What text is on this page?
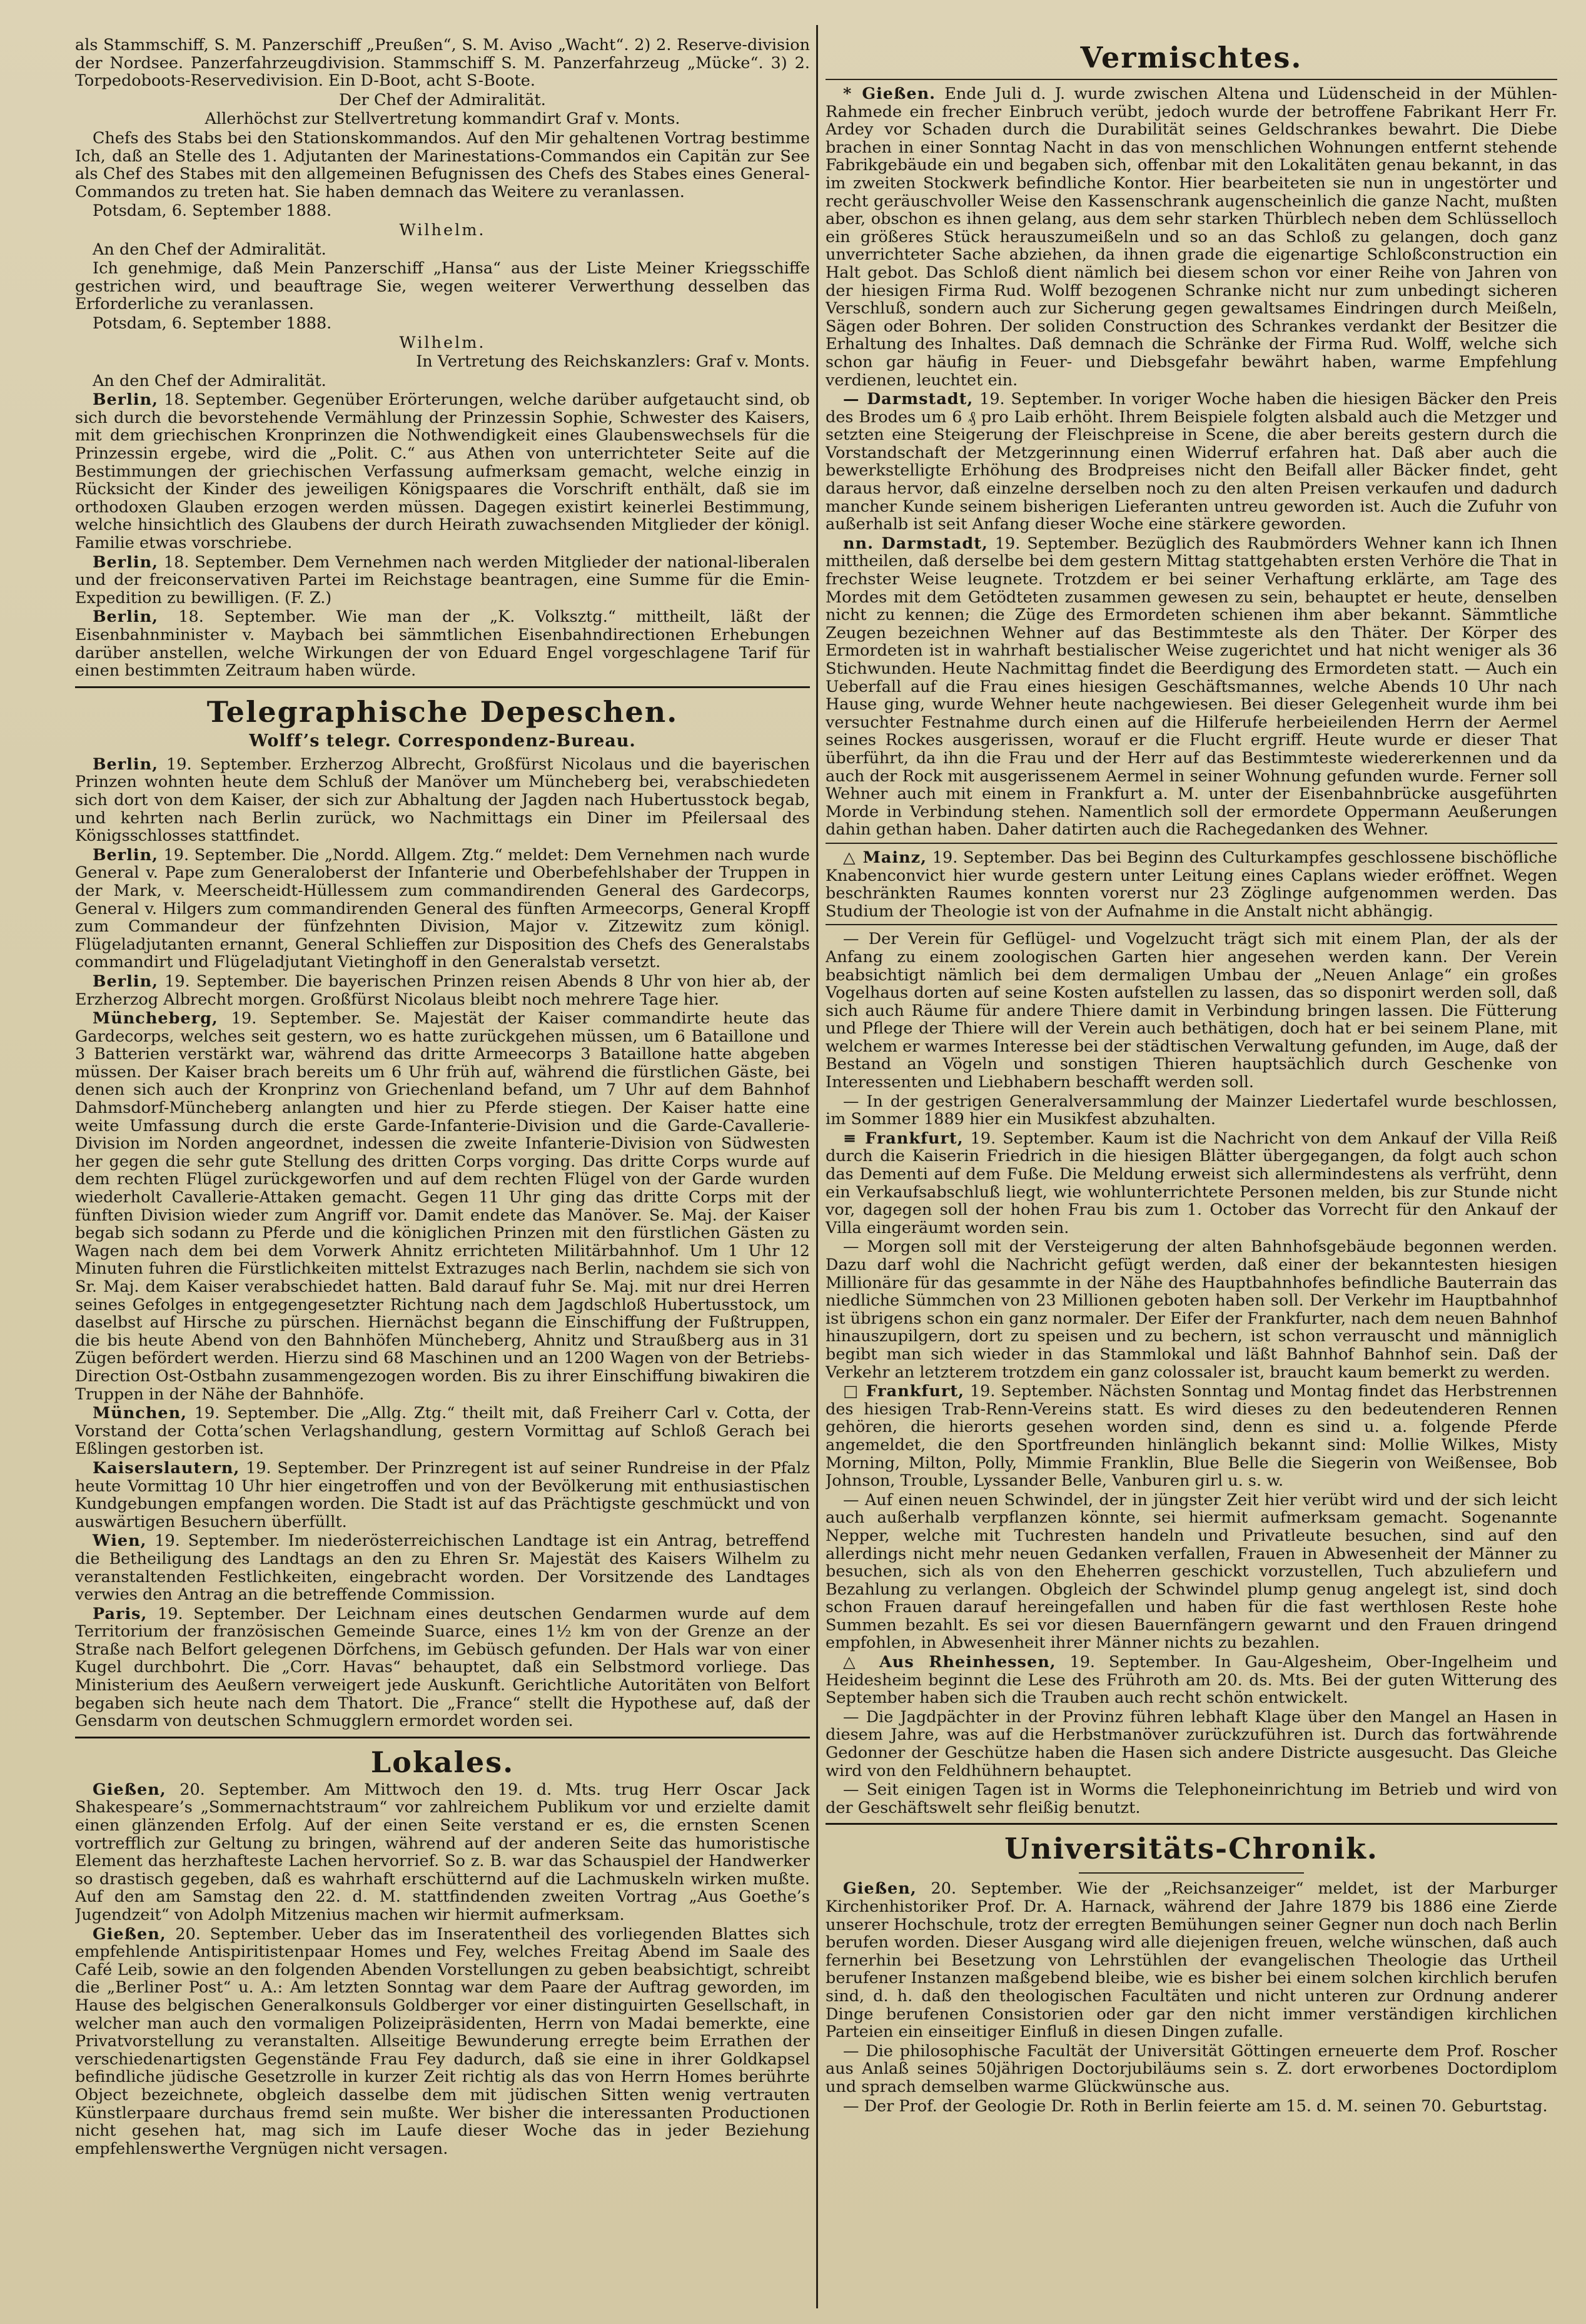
als Stammschiff, S. M. Panzerschiff „Preußen“, S. M. Aviso „Wacht“. 2) 2. Reserve-division der Nordsee. Panzerfahrzeugdivision. Stammschiff S. M. Panzerfahrzeug „Mücke“. 3) 2. Torpedoboots-Reservedivision. Ein D-Boot, acht S-Boote.

Der Chef der Admiralität.

Allerhöchst zur Stellvertretung kommandirt Graf v. Monts.

Chefs des Stabs bei den Stationskommandos. Auf den Mir gehaltenen Vortrag bestimme Ich, daß an Stelle des 1. Adjutanten der Marinestations-Commandos ein Capitän zur See als Chef des Stabes mit den allgemeinen Befugnissen des Chefs des Stabes eines General-Commandos zu treten hat. Sie haben demnach das Weitere zu veranlassen.

Potsdam, 6. September 1888.

Wilhelm.

An den Chef der Admiralität.

Ich genehmige, daß Mein Panzerschiff „Hansa“ aus der Liste Meiner Kriegsschiffe gestrichen wird, und beauftrage Sie, wegen weiterer Verwerthung desselben das Erforderliche zu veranlassen.

Potsdam, 6. September 1888.

Wilhelm.

In Vertretung des Reichskanzlers: Graf v. Monts.

An den Chef der Admiralität.

Berlin, 18. September. Gegenüber Erörterungen, welche darüber aufgetaucht sind, ob sich durch die bevorstehende Vermählung der Prinzessin Sophie, Schwester des Kaisers, mit dem griechischen Kronprinzen die Nothwendigkeit eines Glaubenswechsels für die Prinzessin ergebe, wird die „Polit. C.“ aus Athen von unterrichteter Seite auf die Bestimmungen der griechischen Verfassung aufmerksam gemacht, welche einzig in Rücksicht der Kinder des jeweiligen Königspaares die Vorschrift enthält, daß sie im orthodoxen Glauben erzogen werden müssen. Dagegen existirt keinerlei Bestimmung, welche hinsichtlich des Glaubens der durch Heirath zuwachsenden Mitglieder der königl. Familie etwas vorschriebe.

Berlin, 18. September. Dem Vernehmen nach werden Mitglieder der national-liberalen und der freiconservativen Partei im Reichstage beantragen, eine Summe für die Emin-Expedition zu bewilligen. (F. Z.)

Berlin, 18. September. Wie man der „K. Volksztg.“ mittheilt, läßt der Eisenbahnminister v. Maybach bei sämmtlichen Eisenbahndirectionen Erhebungen darüber anstellen, welche Wirkungen der von Eduard Engel vorgeschlagene Tarif für einen bestimmten Zeitraum haben würde.

Telegraphische Depeschen.
Wolff’s telegr. Correspondenz-Bureau.

Berlin, 19. September. Erzherzog Albrecht, Großfürst Nicolaus und die bayerischen Prinzen wohnten heute dem Schluß der Manöver um Müncheberg bei, verabschiedeten sich dort von dem Kaiser, der sich zur Abhaltung der Jagden nach Hubertusstock begab, und kehrten nach Berlin zurück, wo Nachmittags ein Diner im Pfeilersaal des Königsschlosses stattfindet.

Berlin, 19. September. Die „Nordd. Allgem. Ztg.“ meldet: Dem Vernehmen nach wurde General v. Pape zum Generaloberst der Infanterie und Oberbefehlshaber der Truppen in der Mark, v. Meerscheidt-Hüllessem zum commandirenden General des Gardecorps, General v. Hilgers zum commandirenden General des fünften Armeecorps, General Kropff zum Commandeur der fünfzehnten Division, Major v. Zitzewitz zum königl. Flügeladjutanten ernannt, General Schlieffen zur Disposition des Chefs des Generalstabs commandirt und Flügeladjutant Vietinghoff in den Generalstab versetzt.

Berlin, 19. September. Die bayerischen Prinzen reisen Abends 8 Uhr von hier ab, der Erzherzog Albrecht morgen. Großfürst Nicolaus bleibt noch mehrere Tage hier.

Müncheberg, 19. September. Se. Majestät der Kaiser commandirte heute das Gardecorps, welches seit gestern, wo es hatte zurückgehen müssen, um 6 Bataillone und 3 Batterien verstärkt war, während das dritte Armeecorps 3 Bataillone hatte abgeben müssen. Der Kaiser brach bereits um 6 Uhr früh auf, während die fürstlichen Gäste, bei denen sich auch der Kronprinz von Griechenland befand, um 7 Uhr auf dem Bahnhof Dahmsdorf-Müncheberg anlangten und hier zu Pferde stiegen. Der Kaiser hatte eine weite Umfassung durch die erste Garde-Infanterie-Division und die Garde-Cavallerie-Division im Norden angeordnet, indessen die zweite Infanterie-Division von Südwesten her gegen die sehr gute Stellung des dritten Corps vorging. Das dritte Corps wurde auf dem rechten Flügel zurückgeworfen und auf dem rechten Flügel von der Garde wurden wiederholt Cavallerie-Attaken gemacht. Gegen 11 Uhr ging das dritte Corps mit der fünften Division wieder zum Angriff vor. Damit endete das Manöver. Se. Maj. der Kaiser begab sich sodann zu Pferde und die königlichen Prinzen mit den fürstlichen Gästen zu Wagen nach dem bei dem Vorwerk Ahnitz errichteten Militärbahnhof. Um 1 Uhr 12 Minuten fuhren die Fürstlichkeiten mittelst Extrazuges nach Berlin, nachdem sie sich von Sr. Maj. dem Kaiser verabschiedet hatten. Bald darauf fuhr Se. Maj. mit nur drei Herren seines Gefolges in entgegengesetzter Richtung nach dem Jagdschloß Hubertusstock, um daselbst auf Hirsche zu pürschen. Hiernächst begann die Einschiffung der Fußtruppen, die bis heute Abend von den Bahnhöfen Müncheberg, Ahnitz und Straußberg aus in 31 Zügen befördert werden. Hierzu sind 68 Maschinen und an 1200 Wagen von der Betriebs-Direction Ost-Ostbahn zusammengezogen worden. Bis zu ihrer Einschiffung biwakiren die Truppen in der Nähe der Bahnhöfe.

München, 19. September. Die „Allg. Ztg.“ theilt mit, daß Freiherr Carl v. Cotta, der Vorstand der Cotta’schen Verlagshandlung, gestern Vormittag auf Schloß Gerach bei Eßlingen gestorben ist.

Kaiserslautern, 19. September. Der Prinzregent ist auf seiner Rundreise in der Pfalz heute Vormittag 10 Uhr hier eingetroffen und von der Bevölkerung mit enthusiastischen Kundgebungen empfangen worden. Die Stadt ist auf das Prächtigste geschmückt und von auswärtigen Besuchern überfüllt.

Wien, 19. September. Im niederösterreichischen Landtage ist ein Antrag, betreffend die Betheiligung des Landtags an den zu Ehren Sr. Majestät des Kaisers Wilhelm zu veranstaltenden Festlichkeiten, eingebracht worden. Der Vorsitzende des Landtages verwies den Antrag an die betreffende Commission.

Paris, 19. September. Der Leichnam eines deutschen Gendarmen wurde auf dem Territorium der französischen Gemeinde Suarce, eines 1½ km von der Grenze an der Straße nach Belfort gelegenen Dörfchens, im Gebüsch gefunden. Der Hals war von einer Kugel durchbohrt. Die „Corr. Havas“ behauptet, daß ein Selbstmord vorliege. Das Ministerium des Aeußern verweigert jede Auskunft. Gerichtliche Autoritäten von Belfort begaben sich heute nach dem Thatort. Die „France“ stellt die Hypothese auf, daß der Gensdarm von deutschen Schmugglern ermordet worden sei.

Lokales.

Gießen, 20. September. Am Mittwoch den 19. d. Mts. trug Herr Oscar Jack Shakespeare’s „Sommernachtstraum“ vor zahlreichem Publikum vor und erzielte damit einen glänzenden Erfolg. Auf der einen Seite verstand er es, die ernsten Scenen vortrefflich zur Geltung zu bringen, während auf der anderen Seite das humoristische Element das herzhafteste Lachen hervorrief. So z. B. war das Schauspiel der Handwerker so drastisch gegeben, daß es wahrhaft erschütternd auf die Lachmuskeln wirken mußte. Auf den am Samstag den 22. d. M. stattfindenden zweiten Vortrag „Aus Goethe’s Jugendzeit“ von Adolph Mitzenius machen wir hiermit aufmerksam.

Gießen, 20. September. Ueber das im Inseratentheil des vorliegenden Blattes sich empfehlende Antispiritistenpaar Homes und Fey, welches Freitag Abend im Saale des Café Leib, sowie an den folgenden Abenden Vorstellungen zu geben beabsichtigt, schreibt die „Berliner Post“ u. A.: Am letzten Sonntag war dem Paare der Auftrag geworden, im Hause des belgischen Generalkonsuls Goldberger vor einer distinguirten Gesellschaft, in welcher man auch den vormaligen Polizeipräsidenten, Herrn von Madai bemerkte, eine Privatvorstellung zu veranstalten. Allseitige Bewunderung erregte beim Errathen der verschiedenartigsten Gegenstände Frau Fey dadurch, daß sie eine in ihrer Goldkapsel befindliche jüdische Gesetzrolle in kurzer Zeit richtig als das von Herrn Homes berührte Object bezeichnete, obgleich dasselbe dem mit jüdischen Sitten wenig vertrauten Künstlerpaare durchaus fremd sein mußte. Wer bisher die interessanten Productionen nicht gesehen hat, mag sich im Laufe dieser Woche das in jeder Beziehung empfehlenswerthe Vergnügen nicht versagen.

Vermischtes.

* Gießen. Ende Juli d. J. wurde zwischen Altena und Lüdenscheid in der Mühlen-Rahmede ein frecher Einbruch verübt, jedoch wurde der betroffene Fabrikant Herr Fr. Ardey vor Schaden durch die Durabilität seines Geldschrankes bewahrt. Die Diebe brachen in einer Sonntag Nacht in das von menschlichen Wohnungen entfernt stehende Fabrikgebäude ein und begaben sich, offenbar mit den Lokalitäten genau bekannt, in das im zweiten Stockwerk befindliche Kontor. Hier bearbeiteten sie nun in ungestörter und recht geräuschvoller Weise den Kassenschrank augenscheinlich die ganze Nacht, mußten aber, obschon es ihnen gelang, aus dem sehr starken Thürblech neben dem Schlüsselloch ein größeres Stück herauszumeißeln und so an das Schloß zu gelangen, doch ganz unverrichteter Sache abziehen, da ihnen grade die eigenartige Schloßconstruction ein Halt gebot. Das Schloß dient nämlich bei diesem schon vor einer Reihe von Jahren von der hiesigen Firma Rud. Wolff bezogenen Schranke nicht nur zum unbedingt sicheren Verschluß, sondern auch zur Sicherung gegen gewaltsames Eindringen durch Meißeln, Sägen oder Bohren. Der soliden Construction des Schrankes verdankt der Besitzer die Erhaltung des Inhaltes. Daß demnach die Schränke der Firma Rud. Wolff, welche sich schon gar häufig in Feuer- und Diebsgefahr bewährt haben, warme Empfehlung verdienen, leuchtet ein.

— Darmstadt, 19. September. In voriger Woche haben die hiesigen Bäcker den Preis des Brodes um 6 ₰ pro Laib erhöht. Ihrem Beispiele folgten alsbald auch die Metzger und setzten eine Steigerung der Fleischpreise in Scene, die aber bereits gestern durch die Vorstandschaft der Metzgerinnung einen Widerruf erfahren hat. Daß aber auch die bewerkstelligte Erhöhung des Brodpreises nicht den Beifall aller Bäcker findet, geht daraus hervor, daß einzelne derselben noch zu den alten Preisen verkaufen und dadurch mancher Kunde seinem bisherigen Lieferanten untreu geworden ist. Auch die Zufuhr von außerhalb ist seit Anfang dieser Woche eine stärkere geworden.

nn. Darmstadt, 19. September. Bezüglich des Raubmörders Wehner kann ich Ihnen mittheilen, daß derselbe bei dem gestern Mittag stattgehabten ersten Verhöre die That in frechster Weise leugnete. Trotzdem er bei seiner Verhaftung erklärte, am Tage des Mordes mit dem Getödteten zusammen gewesen zu sein, behauptet er heute, denselben nicht zu kennen; die Züge des Ermordeten schienen ihm aber bekannt. Sämmtliche Zeugen bezeichnen Wehner auf das Bestimmteste als den Thäter. Der Körper des Ermordeten ist in wahrhaft bestialischer Weise zugerichtet und hat nicht weniger als 36 Stichwunden. Heute Nachmittag findet die Beerdigung des Ermordeten statt. — Auch ein Ueberfall auf die Frau eines hiesigen Geschäftsmannes, welche Abends 10 Uhr nach Hause ging, wurde Wehner heute nachgewiesen. Bei dieser Gelegenheit wurde ihm bei versuchter Festnahme durch einen auf die Hilferufe herbeieilenden Herrn der Aermel seines Rockes ausgerissen, worauf er die Flucht ergriff. Heute wurde er dieser That überführt, da ihn die Frau und der Herr auf das Bestimmteste wiedererkennen und da auch der Rock mit ausgerissenem Aermel in seiner Wohnung gefunden wurde. Ferner soll Wehner auch mit einem in Frankfurt a. M. unter der Eisenbahnbrücke ausgeführten Morde in Verbindung stehen. Namentlich soll der ermordete Oppermann Aeußerungen dahin gethan haben. Daher datirten auch die Rachegedanken des Wehner.

△ Mainz, 19. September. Das bei Beginn des Culturkampfes geschlossene bischöfliche Knabenconvict hier wurde gestern unter Leitung eines Caplans wieder eröffnet. Wegen beschränkten Raumes konnten vorerst nur 23 Zöglinge aufgenommen werden. Das Studium der Theologie ist von der Aufnahme in die Anstalt nicht abhängig.

— Der Verein für Geflügel- und Vogelzucht trägt sich mit einem Plan, der als der Anfang zu einem zoologischen Garten hier angesehen werden kann. Der Verein beabsichtigt nämlich bei dem dermaligen Umbau der „Neuen Anlage“ ein großes Vogelhaus dorten auf seine Kosten aufstellen zu lassen, das so disponirt werden soll, daß sich auch Räume für andere Thiere damit in Verbindung bringen lassen. Die Fütterung und Pflege der Thiere will der Verein auch bethätigen, doch hat er bei seinem Plane, mit welchem er warmes Interesse bei der städtischen Verwaltung gefunden, im Auge, daß der Bestand an Vögeln und sonstigen Thieren hauptsächlich durch Geschenke von Interessenten und Liebhabern beschafft werden soll.

— In der gestrigen Generalversammlung der Mainzer Liedertafel wurde beschlossen, im Sommer 1889 hier ein Musikfest abzuhalten.

≡ Frankfurt, 19. September. Kaum ist die Nachricht von dem Ankauf der Villa Reiß durch die Kaiserin Friedrich in die hiesigen Blätter übergegangen, da folgt auch schon das Dementi auf dem Fuße. Die Meldung erweist sich allermindestens als verfrüht, denn ein Verkaufsabschluß liegt, wie wohlunterrichtete Personen melden, bis zur Stunde nicht vor, dagegen soll der hohen Frau bis zum 1. October das Vorrecht für den Ankauf der Villa eingeräumt worden sein.

— Morgen soll mit der Versteigerung der alten Bahnhofsgebäude begonnen werden. Dazu darf wohl die Nachricht gefügt werden, daß einer der bekanntesten hiesigen Millionäre für das gesammte in der Nähe des Hauptbahnhofes befindliche Bauterrain das niedliche Sümmchen von 23 Millionen geboten haben soll. Der Verkehr im Hauptbahnhof ist übrigens schon ein ganz normaler. Der Eifer der Frankfurter, nach dem neuen Bahnhof hinauszupilgern, dort zu speisen und zu bechern, ist schon verrauscht und männiglich begibt man sich wieder in das Stammlokal und läßt Bahnhof Bahnhof sein. Daß der Verkehr an letzterem trotzdem ein ganz colossaler ist, braucht kaum bemerkt zu werden.

□ Frankfurt, 19. September. Nächsten Sonntag und Montag findet das Herbstrennen des hiesigen Trab-Renn-Vereins statt. Es wird dieses zu den bedeutenderen Rennen gehören, die hierorts gesehen worden sind, denn es sind u. a. folgende Pferde angemeldet, die den Sportfreunden hinlänglich bekannt sind: Mollie Wilkes, Misty Morning, Milton, Polly, Mimmie Franklin, Blue Belle die Siegerin von Weißensee, Bob Johnson, Trouble, Lyssander Belle, Vanburen girl u. s. w.

— Auf einen neuen Schwindel, der in jüngster Zeit hier verübt wird und der sich leicht auch außerhalb verpflanzen könnte, sei hiermit aufmerksam gemacht. Sogenannte Nepper, welche mit Tuchresten handeln und Privatleute besuchen, sind auf den allerdings nicht mehr neuen Gedanken verfallen, Frauen in Abwesenheit der Männer zu besuchen, sich als von den Eheherren geschickt vorzustellen, Tuch abzuliefern und Bezahlung zu verlangen. Obgleich der Schwindel plump genug angelegt ist, sind doch schon Frauen darauf hereingefallen und haben für die fast werthlosen Reste hohe Summen bezahlt. Es sei vor diesen Bauernfängern gewarnt und den Frauen dringend empfohlen, in Abwesenheit ihrer Männer nichts zu bezahlen.

△ Aus Rheinhessen, 19. September. In Gau-Algesheim, Ober-Ingelheim und Heidesheim beginnt die Lese des Frühroth am 20. ds. Mts. Bei der guten Witterung des September haben sich die Trauben auch recht schön entwickelt.

— Die Jagdpächter in der Provinz führen lebhaft Klage über den Mangel an Hasen in diesem Jahre, was auf die Herbstmanöver zurückzuführen ist. Durch das fortwährende Gedonner der Geschütze haben die Hasen sich andere Districte ausgesucht. Das Gleiche wird von den Feldhühnern behauptet.

— Seit einigen Tagen ist in Worms die Telephoneinrichtung im Betrieb und wird von der Geschäftswelt sehr fleißig benutzt.

Universitäts-Chronik.

Gießen, 20. September. Wie der „Reichsanzeiger“ meldet, ist der Marburger Kirchenhistoriker Prof. Dr. A. Harnack, während der Jahre 1879 bis 1886 eine Zierde unserer Hochschule, trotz der erregten Bemühungen seiner Gegner nun doch nach Berlin berufen worden. Dieser Ausgang wird alle diejenigen freuen, welche wünschen, daß auch fernerhin bei Besetzung von Lehrstühlen der evangelischen Theologie das Urtheil berufener Instanzen maßgebend bleibe, wie es bisher bei einem solchen kirchlich berufen sind, d. h. daß den theologischen Facultäten und nicht unteren zur Ordnung anderer Dinge berufenen Consistorien oder gar den nicht immer verständigen kirchlichen Parteien ein einseitiger Einfluß in diesen Dingen zufalle.

— Die philosophische Facultät der Universität Göttingen erneuerte dem Prof. Roscher aus Anlaß seines 50jährigen Doctorjubiläums sein s. Z. dort erworbenes Doctordiplom und sprach demselben warme Glückwünsche aus.

— Der Prof. der Geologie Dr. Roth in Berlin feierte am 15. d. M. seinen 70. Geburtstag.
